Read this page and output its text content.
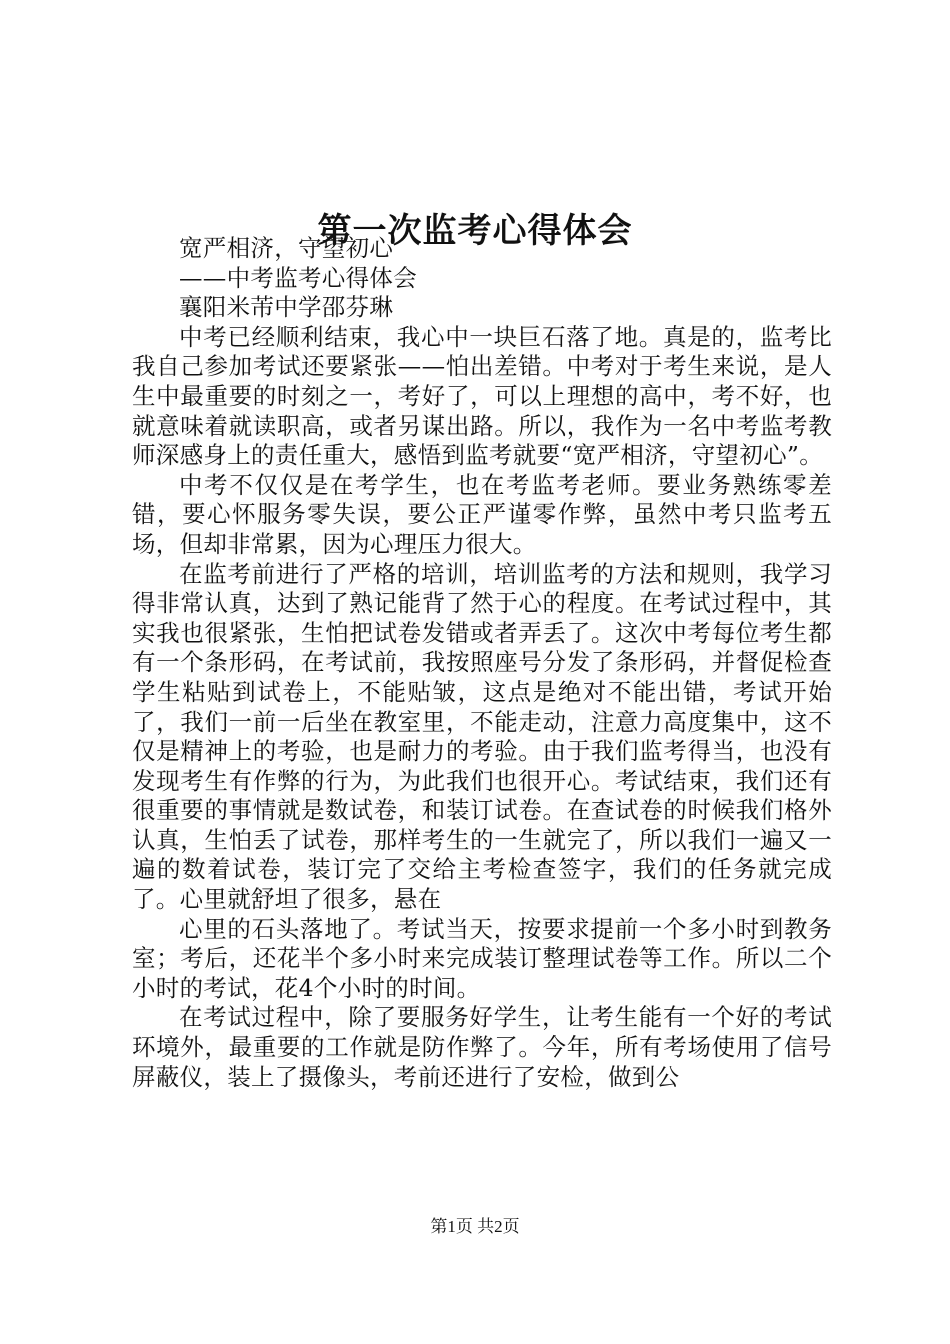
第一次监考心得体会

宽严相济，守望初心

——中考监考心得体会

襄阳米芾中学邵芬琳

中考已经顺利结束，我心中一块巨石落了地。真是的，监考比我自己参加考试还要紧张——怕出差错。中考对于考生来说，是人生中最重要的时刻之一，考好了，可以上理想的高中，考不好，也就意味着就读职高，或者另谋出路。所以，我作为一名中考监考教师深感身上的责任重大，感悟到监考就要“宽严相济，守望初心”。

中考不仅仅是在考学生，也在考监考老师。要业务熟练零差错，要心怀服务零失误，要公正严谨零作弊，虽然中考只监考五场，但却非常累，因为心理压力很大。

在监考前进行了严格的培训，培训监考的方法和规则，我学习得非常认真，达到了熟记能背了然于心的程度。在考试过程中，其实我也很紧张，生怕把试卷发错或者弄丢了。这次中考每位考生都有一个条形码，在考试前，我按照座号分发了条形码，并督促检查学生粘贴到试卷上，不能贴皱，这点是绝对不能出错，考试开始了，我们一前一后坐在教室里，不能走动，注意力高度集中，这不仅是精神上的考验，也是耐力的考验。由于我们监考得当，也没有发现考生有作弊的行为，为此我们也很开心。考试结束，我们还有很重要的事情就是数试卷，和装订试卷。在查试卷的时候我们格外认真，生怕丢了试卷，那样考生的一生就完了，所以我们一遍又一遍的数着试卷，装订完了交给主考检查签字，我们的任务就完成了。心里就舒坦了很多，悬在

心里的石头落地了。考试当天，按要求提前一个多小时到教务室；考后，还花半个多小时来完成装订整理试卷等工作。所以二个小时的考试，花4个小时的时间。

在考试过程中，除了要服务好学生，让考生能有一个好的考试环境外，最重要的工作就是防作弊了。今年，所有考场使用了信号屏蔽仪，装上了摄像头，考前还进行了安检，做到公

第1页 共2页
